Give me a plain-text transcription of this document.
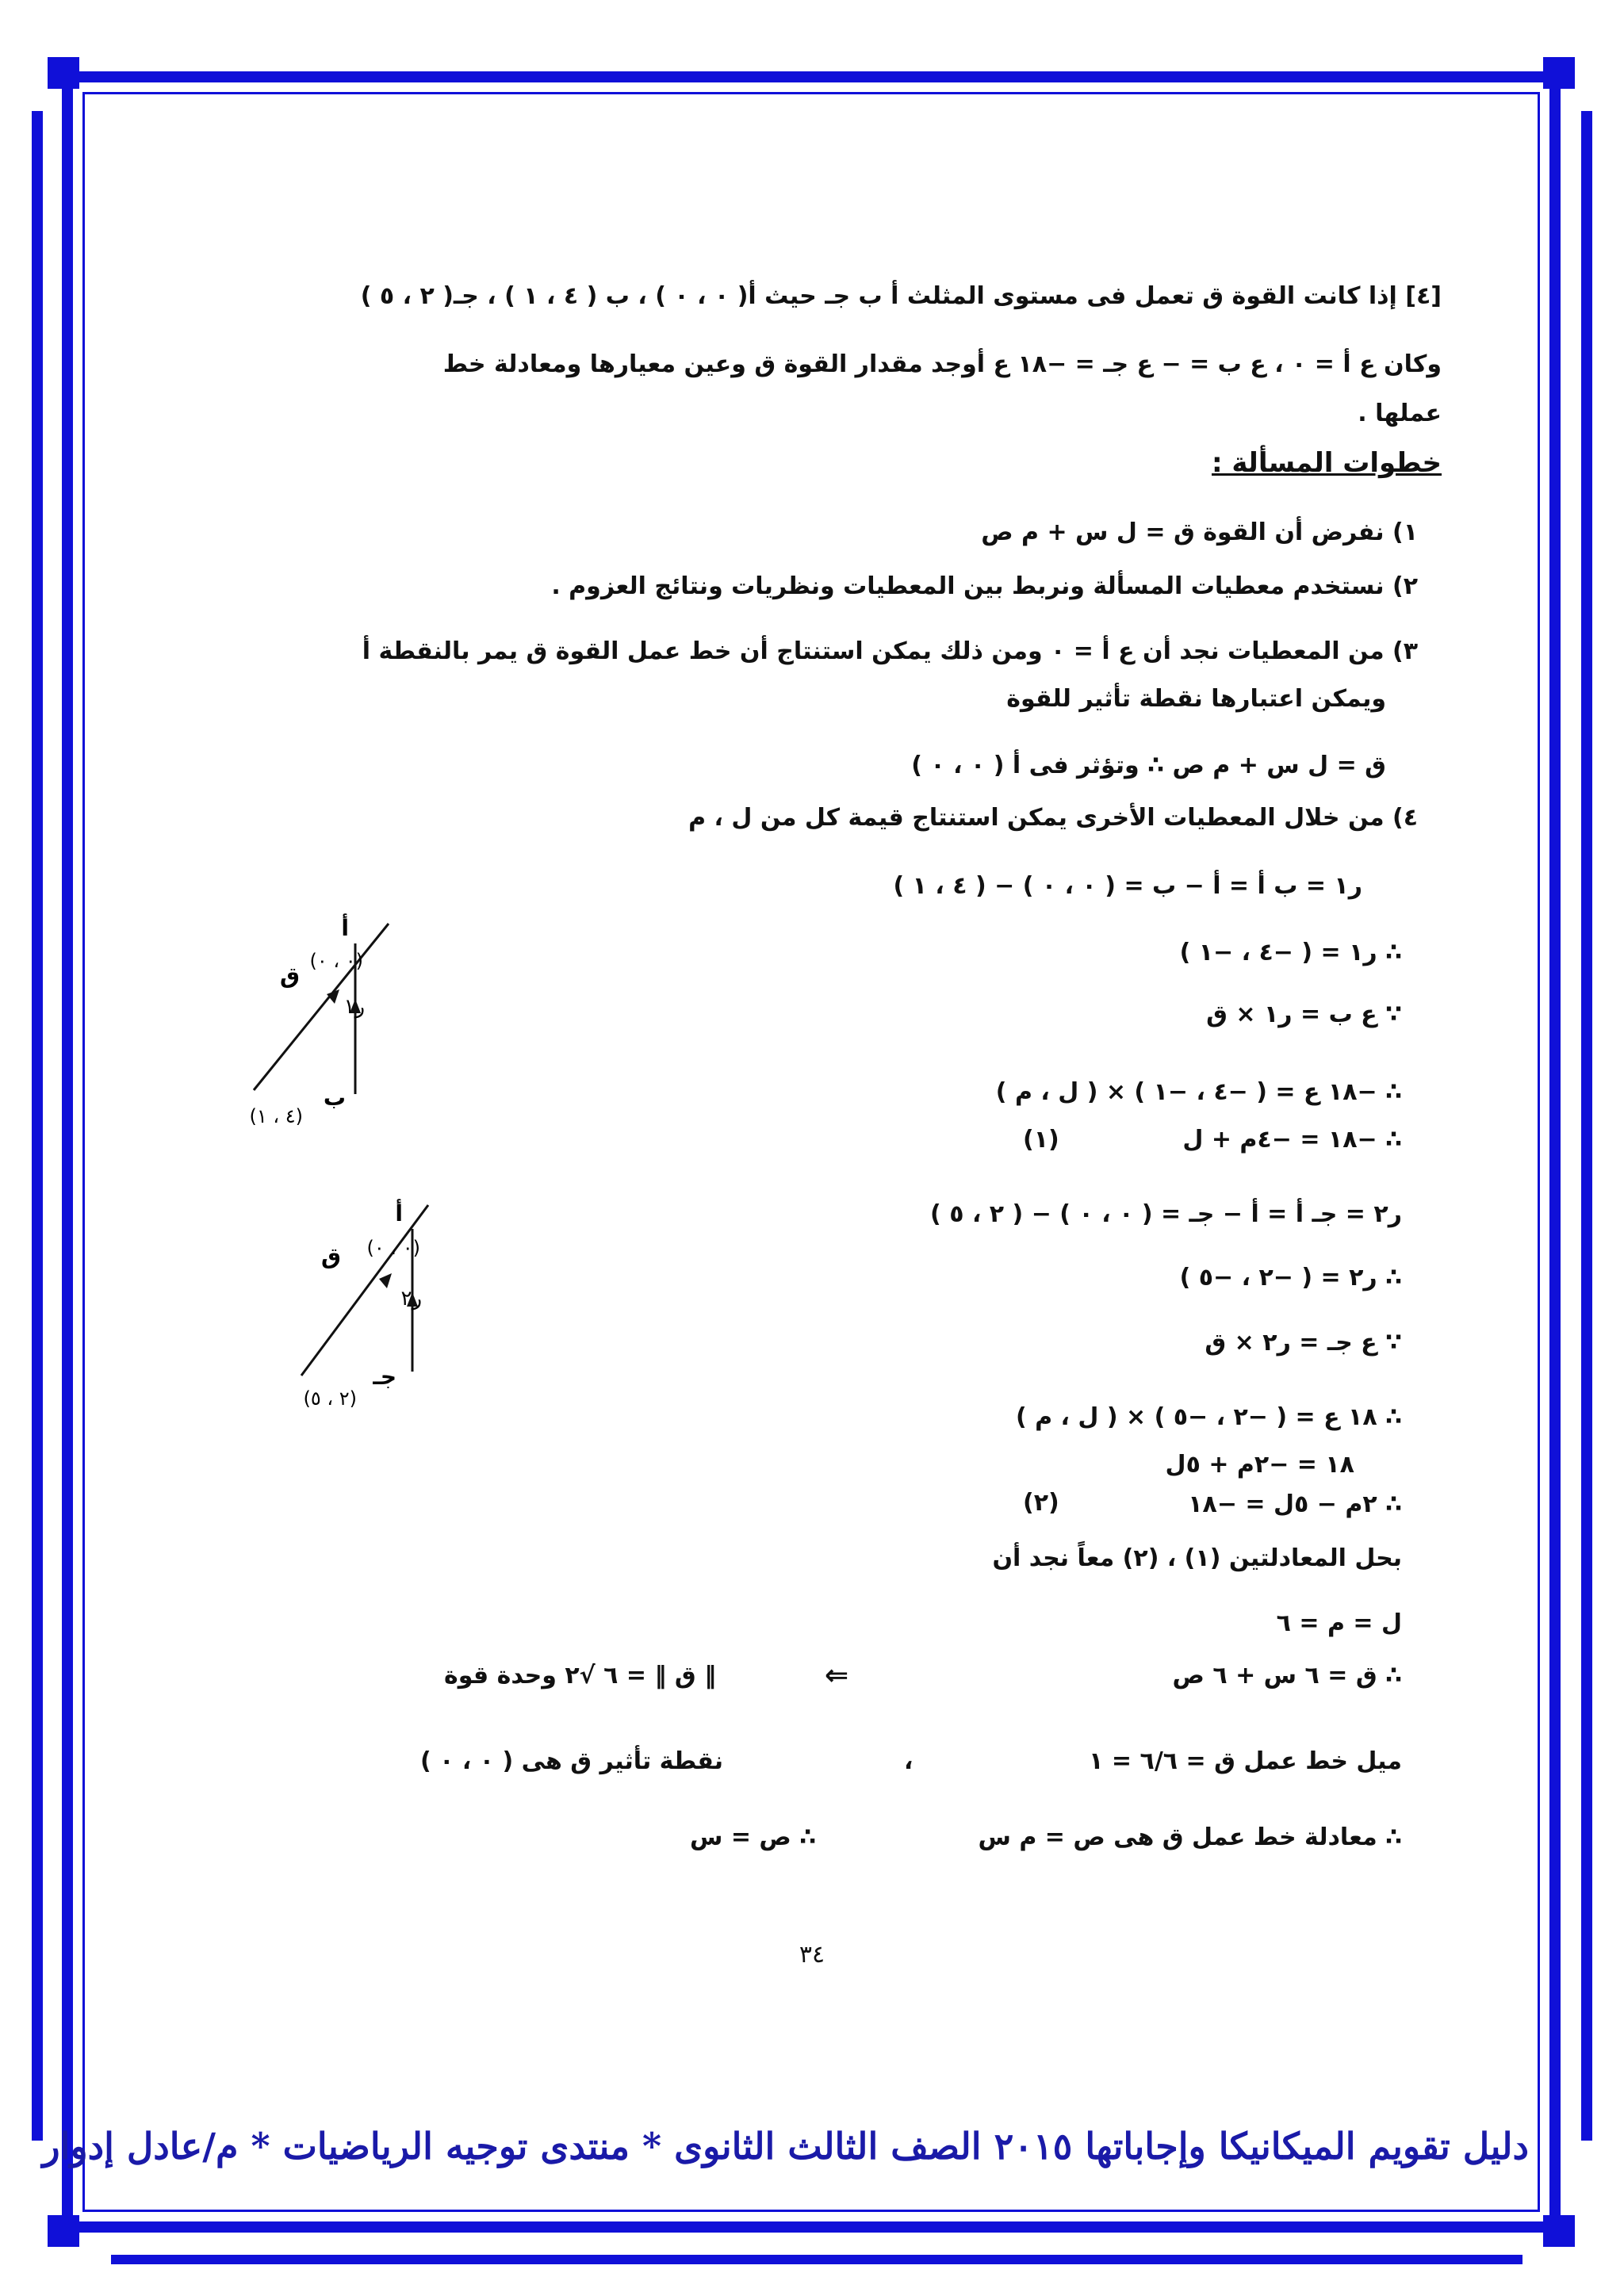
[٤] إذا كانت القوة ق تعمل فى مستوى المثلث أ ب جـ حيث أ( ٠ ، ٠ ) ، ب ( ٤ ، ١ ) ، جـ( ٢ ، ٥ )
وكان ع أ = ٠ ، ع ب = − ع جـ = −١٨ ع أوجد مقدار القوة ق وعين معيارها ومعادلة خط
عملها .
خطوات المسألة :
١) نفرض أن القوة ق = ل س + م ص
٢) نستخدم معطيات المسألة ونربط بين المعطيات ونظريات ونتائج العزوم .
٣) من المعطيات نجد أن ع أ = ٠ ومن ذلك يمكن استنتاج أن خط عمل القوة ق يمر بالنقطة أ
ويمكن اعتبارها نقطة تأثير للقوة
ق = ل س + م ص ∴ وتؤثر فى أ ( ٠ ، ٠ )
٤) من خلال المعطيات الأخرى يمكن استنتاج قيمة كل من ل ، م
ر١ = ب أ = أ − ب = ( ٠ ، ٠ ) − ( ٤ ، ١ )
∴ ر١ = ( −٤ ، −١ )
∵ ع ب = ر١ × ق
∴ −١٨ ع = ( −٤ ، −١ ) × ( ل ، م )
∴ −١٨ = −٤م + ل
(١)
ر٢ = جـ أ = أ − جـ = ( ٠ ، ٠ ) − ( ٢ ، ٥ )
∴ ر٢ = ( −٢ ، −٥ )
∵ ع جـ = ر٢ × ق
∴ ١٨ ع = ( −٢ ، −٥ ) × ( ل ، م )
١٨ = −٢م + ٥ل
∴ ٢م − ٥ل = −١٨
(٢)
بحل المعادلتين (١) ، (٢) معاً نجد أن
ل = م = ٦
∴ ق = ٦ س + ٦ ص
⇐
‖ ق ‖ = ٦ √٢ وحدة قوة
ميل خط عمل ق = ٦/٦ = ١
،
نقطة تأثير ق هى ( ٠ ، ٠ )
∴ معادلة خط عمل ق هى ص = م س
∴ ص = س
أ
(٠ ، ٠)
ق
ر١
ب
(٤ ، ١)
أ
(٠ ، ٠)
ق
ر٢
جـ
(٢ ، ٥)
٣٤
دليل تقويم الميكانيكا وإجاباتها ٢٠١٥ الصف الثالث الثانوى * منتدى توجيه الرياضيات * م/عادل إدوار
